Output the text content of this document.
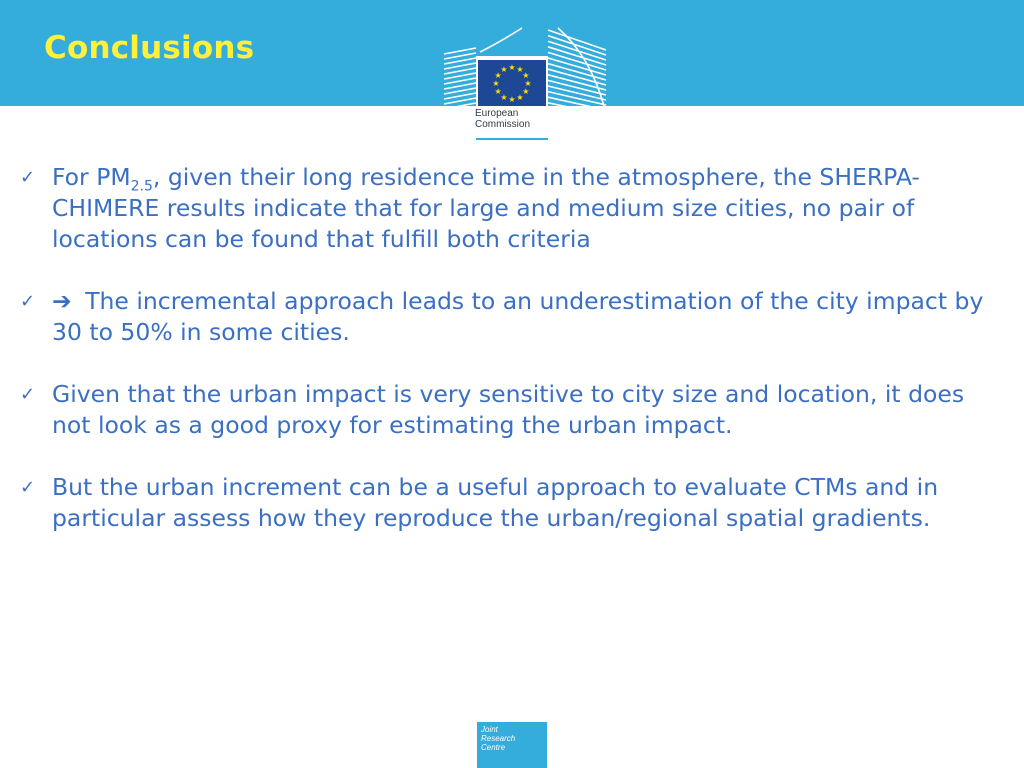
Conclusions
★ ★
★
★
★
★
★
★
★
★
★
★
European
Commission
✓ For $PM_{2.5}$, given their long residence time in the atmosphere, the SHERPA-CHIMERE results indicate that for large and medium size cities, no pair of locations can be found that fulfill both criteria
✓ ➔ The incremental approach leads to an underestimation of the city impact by 30 to 50% in some cities.
✓ Given that the urban impact is very sensitive to city size and location, it does not look as a good proxy for estimating the urban impact.
✓ But the urban increment can be a useful approach to evaluate CTMs and in particular assess how they reproduce the urban/regional spatial gradients.
Joint
Research
Centre
